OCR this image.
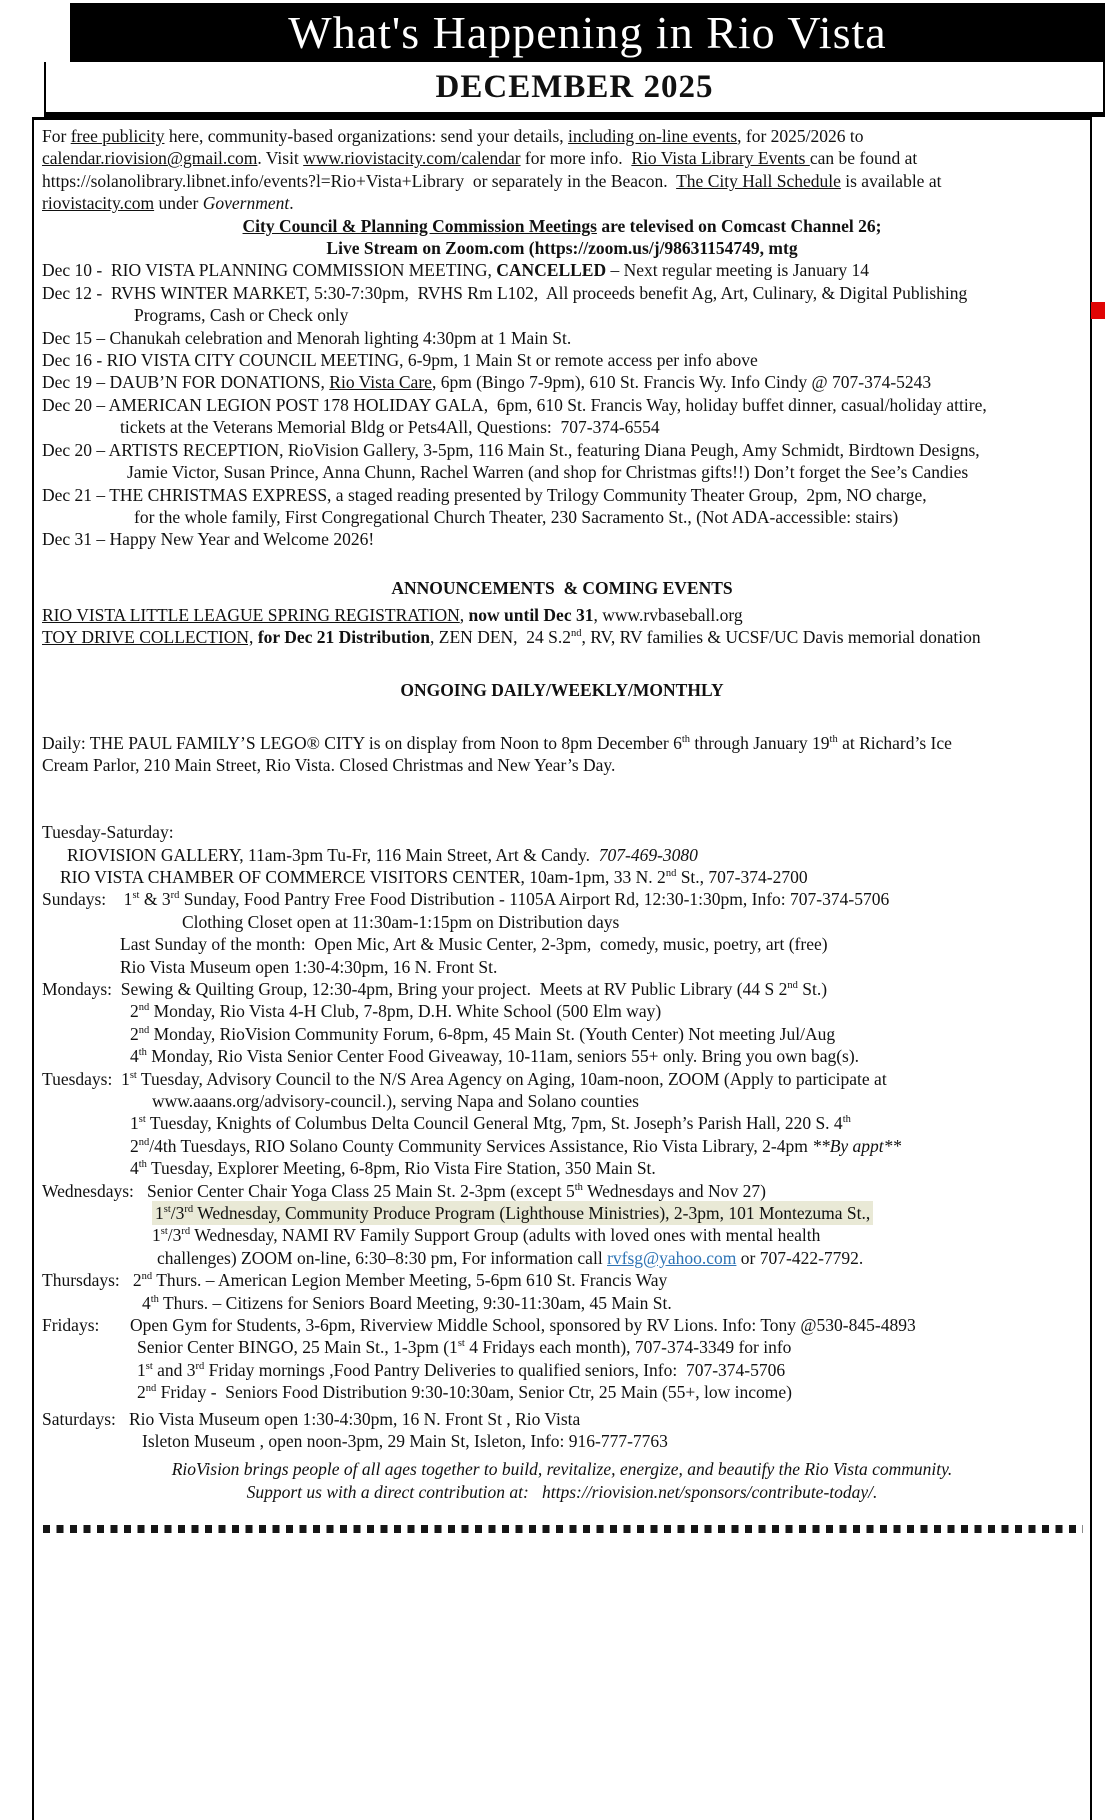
What's Happening in Rio Vista
DECEMBER 2025
For free publicity here, community-based organizations: send your details, including on-line events, for 2025/2026 to
calendar.riovision@gmail.com. Visit www.riovistacity.com/calendar for more info.  Rio Vista Library Events can be found at
https://solanolibrary.libnet.info/events?l=Rio+Vista+Library  or separately in the Beacon.  The City Hall Schedule is available at
riovistacity.com under Government.
City Council & Planning Commission Meetings are televised on Comcast Channel 26;
Live Stream on Zoom.com (https://zoom.us/j/98631154749, mtg
Dec 10 -  RIO VISTA PLANNING COMMISSION MEETING, CANCELLED – Next regular meeting is January 14
Dec 12 -  RVHS WINTER MARKET, 5:30-7:30pm,  RVHS Rm L102,  All proceeds benefit Ag, Art, Culinary, & Digital Publishing
Programs, Cash or Check only
Dec 15 – Chanukah celebration and Menorah lighting 4:30pm at 1 Main St.
Dec 16 - RIO VISTA CITY COUNCIL MEETING, 6-9pm, 1 Main St or remote access per info above
Dec 19 – DAUB’N FOR DONATIONS, Rio Vista Care, 6pm (Bingo 7-9pm), 610 St. Francis Wy. Info Cindy @ 707-374-5243
Dec 20 – AMERICAN LEGION POST 178 HOLIDAY GALA,  6pm, 610 St. Francis Way, holiday buffet dinner, casual/holiday attire,
tickets at the Veterans Memorial Bldg or Pets4All, Questions:  707-374-6554
Dec 20 – ARTISTS RECEPTION, RioVision Gallery, 3-5pm, 116 Main St., featuring Diana Peugh, Amy Schmidt, Birdtown Designs,
Jamie Victor, Susan Prince, Anna Chunn, Rachel Warren (and shop for Christmas gifts!!) Don’t forget the See’s Candies
Dec 21 – THE CHRISTMAS EXPRESS, a staged reading presented by Trilogy Community Theater Group,  2pm, NO charge,
for the whole family, First Congregational Church Theater, 230 Sacramento St., (Not ADA-accessible: stairs)
Dec 31 – Happy New Year and Welcome 2026!
ANNOUNCEMENTS  & COMING EVENTS
RIO VISTA LITTLE LEAGUE SPRING REGISTRATION, now until Dec 31, www.rvbaseball.org
TOY DRIVE COLLECTION, for Dec 21 Distribution, ZEN DEN,  24 S.2nd, RV, RV families & UCSF/UC Davis memorial donation
ONGOING DAILY/WEEKLY/MONTHLY
Daily: THE PAUL FAMILY’S LEGO® CITY is on display from Noon to 8pm December 6th through January 19th at Richard’s Ice
Cream Parlor, 210 Main Street, Rio Vista. Closed Christmas and New Year’s Day.
Tuesday-Saturday:
RIOVISION GALLERY, 11am-3pm Tu-Fr, 116 Main Street, Art & Candy.  707-469-3080
RIO VISTA CHAMBER OF COMMERCE VISITORS CENTER, 10am-1pm, 33 N. 2nd St., 707-374-2700
Sundays:    1st & 3rd Sunday, Food Pantry Free Food Distribution - 1105A Airport Rd, 12:30-1:30pm, Info: 707-374-5706
Clothing Closet open at 11:30am-1:15pm on Distribution days
Last Sunday of the month:  Open Mic, Art & Music Center, 2-3pm,  comedy, music, poetry, art (free)
Rio Vista Museum open 1:30-4:30pm, 16 N. Front St.
Mondays:  Sewing & Quilting Group, 12:30-4pm, Bring your project.  Meets at RV Public Library (44 S 2nd St.)
2nd Monday, Rio Vista 4-H Club, 7-8pm, D.H. White School (500 Elm way)
2nd Monday, RioVision Community Forum, 6-8pm, 45 Main St. (Youth Center) Not meeting Jul/Aug
4th Monday, Rio Vista Senior Center Food Giveaway, 10-11am, seniors 55+ only. Bring you own bag(s).
Tuesdays:  1st Tuesday, Advisory Council to the N/S Area Agency on Aging, 10am-noon, ZOOM (Apply to participate at
www.aaans.org/advisory-council.), serving Napa and Solano counties
1st Tuesday, Knights of Columbus Delta Council General Mtg, 7pm, St. Joseph’s Parish Hall, 220 S. 4th
2nd/4th Tuesdays, RIO Solano County Community Services Assistance, Rio Vista Library, 2-4pm **By appt**
4th Tuesday, Explorer Meeting, 6-8pm, Rio Vista Fire Station, 350 Main St.
Wednesdays:   Senior Center Chair Yoga Class 25 Main St. 2-3pm (except 5th Wednesdays and Nov 27)
1st/3rd Wednesday, Community Produce Program (Lighthouse Ministries), 2-3pm, 101 Montezuma St.,
1st/3rd Wednesday, NAMI RV Family Support Group (adults with loved ones with mental health
challenges) ZOOM on-line, 6:30–8:30 pm, For information call rvfsg@yahoo.com or 707-422-7792.
Thursdays:   2nd Thurs. – American Legion Member Meeting, 5-6pm 610 St. Francis Way
4th Thurs. – Citizens for Seniors Board Meeting, 9:30-11:30am, 45 Main St.
Fridays:       Open Gym for Students, 3-6pm, Riverview Middle School, sponsored by RV Lions. Info: Tony @530-845-4893
Senior Center BINGO, 25 Main St., 1-3pm (1st 4 Fridays each month), 707-374-3349 for info
1st and 3rd Friday mornings ,Food Pantry Deliveries to qualified seniors, Info:  707-374-5706
2nd Friday -  Seniors Food Distribution 9:30-10:30am, Senior Ctr, 25 Main (55+, low income)
Saturdays:   Rio Vista Museum open 1:30-4:30pm, 16 N. Front St , Rio Vista
Isleton Museum , open noon-3pm, 29 Main St, Isleton, Info: 916-777-7763
RioVision brings people of all ages together to build, revitalize, energize, and beautify the Rio Vista community.
Support us with a direct contribution at:   https://riovision.net/sponsors/contribute-today/.
